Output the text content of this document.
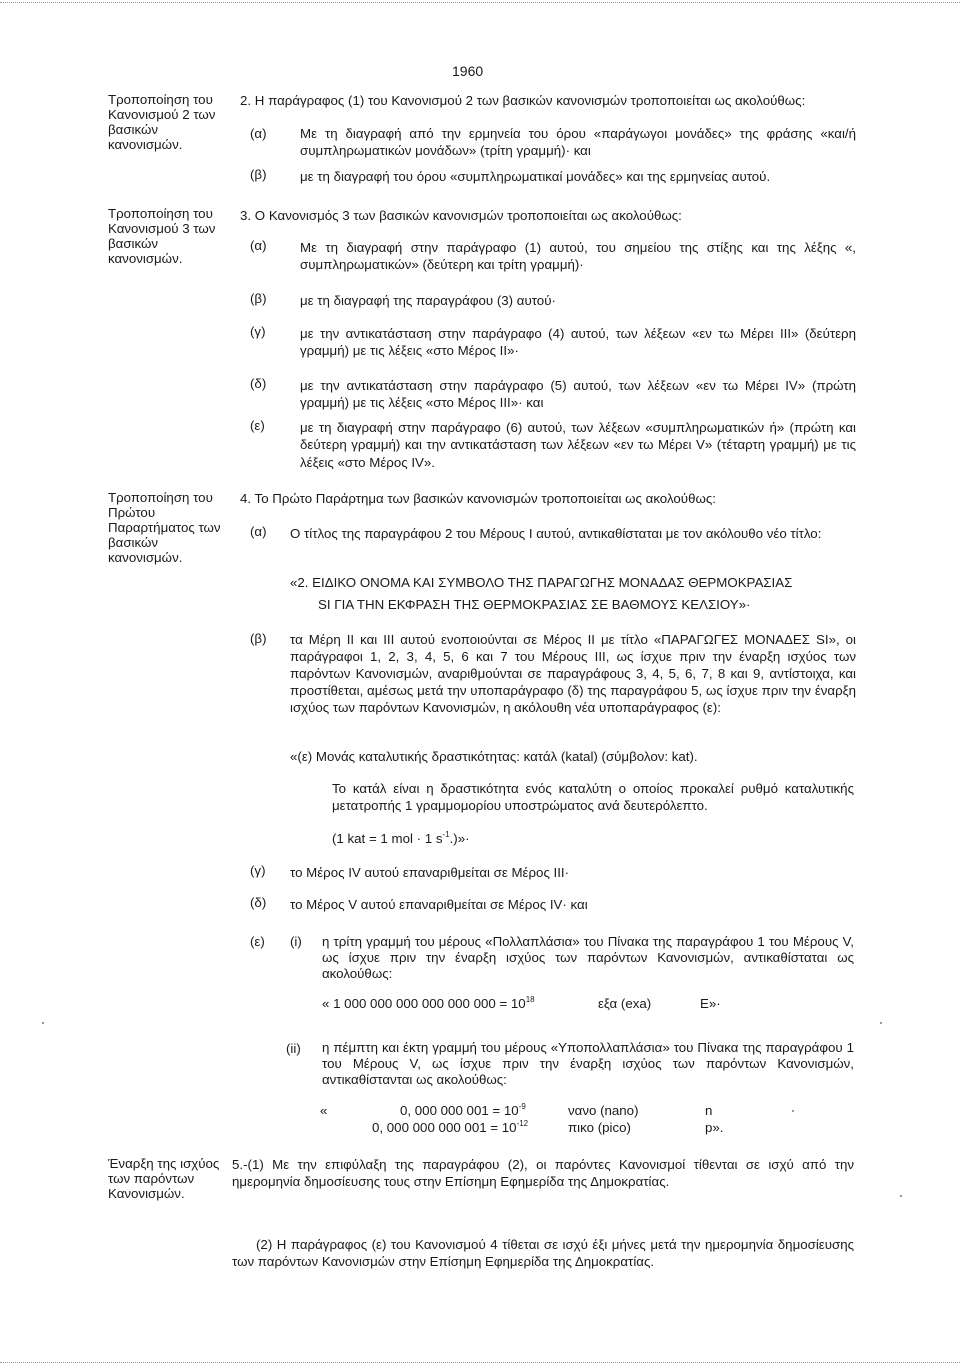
1960
Τροποποίηση του Κανονισμού 2 των βασικών κανονισμών.
Τροποποίηση του Κανονισμού 3 των βασικών κανονισμών.
Τροποποίηση του Πρώτου Παραρτήματος των βασικών κανονισμών.
Έναρξη της ισχύος των παρόντων Κανονισμών.
2. Η παράγραφος (1) του Κανονισμού 2 των βασικών κανονισμών τροποποιείται ως ακολούθως:
(α)	Με τη διαγραφή από την ερμηνεία του όρου «παράγωγοι μονάδες» της φράσης «και/ή συμπληρωματικών μονάδων» (τρίτη γραμμή)· και
(β)	με τη διαγραφή του όρου «συμπληρωματικαί μονάδες» και της ερμηνείας αυτού.
3. Ο Κανονισμός 3 των βασικών κανονισμών τροποποιείται ως ακολούθως:
(α)	Με τη διαγραφή στην παράγραφο (1) αυτού, του σημείου της στίξης και της λέξης «, συμπληρωματικών» (δεύτερη και τρίτη γραμμή)·
(β)	με τη διαγραφή της παραγράφου (3) αυτού·
(γ)	με την αντικατάσταση στην παράγραφο (4) αυτού, των λέξεων «εν τω Μέρει ΙΙΙ» (δεύτερη γραμμή) με τις λέξεις «στο Μέρος ΙΙ»·
(δ)	με την αντικατάσταση στην παράγραφο (5) αυτού, των λέξεων «εν τω Μέρει IV» (πρώτη γραμμή) με τις λέξεις «στο Μέρος ΙΙΙ»· και
(ε)	με τη διαγραφή στην παράγραφο (6) αυτού, των λέξεων «συμπληρωματικών ή» (πρώτη και δεύτερη γραμμή) και την αντικατάσταση των λέξεων «εν τω Μέρει V» (τέταρτη γραμμή) με τις λέξεις «στο Μέρος IV».
4. Το Πρώτο Παράρτημα των βασικών κανονισμών τροποποιείται ως ακολούθως:
(α) Ο τίτλος της παραγράφου 2 του Μέρους Ι αυτού, αντικαθίσταται με τον ακόλουθο νέο τίτλο:
«2. ΕΙΔΙΚΟ ΟΝΟΜΑ ΚΑΙ ΣΥΜΒΟΛΟ ΤΗΣ ΠΑΡΑΓΩΓΗΣ ΜΟΝΑΔΑΣ ΘΕΡΜΟΚΡΑΣΙΑΣ
SI ΓΙΑ ΤΗΝ ΕΚΦΡΑΣΗ ΤΗΣ ΘΕΡΜΟΚΡΑΣΙΑΣ ΣΕ ΒΑΘΜΟΥΣ ΚΕΛΣΙΟΥ»·
(β) τα Μέρη ΙΙ και ΙΙΙ αυτού ενοποιούνται σε Μέρος ΙΙ με τίτλο «ΠΑΡΑΓΩΓΕΣ ΜΟΝΑΔΕΣ SI», οι παράγραφοι 1, 2, 3, 4, 5, 6 και 7 του Μέρους ΙΙΙ, ως ίσχυε πριν την έναρξη ισχύος των παρόντων Κανονισμών, αναριθμούνται σε παραγράφους 3, 4, 5, 6, 7, 8 και 9, αντίστοιχα, και προστίθεται, αμέσως μετά την υποπαράγραφο (δ) της παραγράφου 5, ως ίσχυε πριν την έναρξη ισχύος των παρόντων Κανονισμών, η ακόλουθη νέα υποπαράγραφος (ε):
«(ε) Μονάς καταλυτικής δραστικότητας: κατάλ (katal) (σύμβολον: kat).
Το κατάλ είναι η δραστικότητα ενός καταλύτη ο οποίος προκαλεί ρυθμό καταλυτικής μετατροπής 1 γραμμομορίου υποστρώματος ανά δευτερόλεπτο.
(1 kat = 1 mol · 1 $s^{-1}.)»\cdot$
(γ) το Μέρος IV αυτού επαναριθμείται σε Μέρος ΙΙΙ·
(δ) το Μέρος V αυτού επαναριθμείται σε Μέρος IV· και
(ε) (i) η τρίτη γραμμή του μέρους «Πολλαπλάσια» του Πίνακα της παραγράφου 1 του Μέρους V, ως ίσχυε πριν την έναρξη ισχύος των παρόντων Κανονισμών, αντικαθίσταται ως ακολούθως:
« 1 000 000 000 000 000 $000 = 10^{18}$	εξα (exa)	E»·
(ii) η πέμπτη και έκτη γραμμή του μέρους «Υποπολλαπλάσια» του Πίνακα της παραγράφου 1 του Μέρους V, ως ίσχυε πριν την έναρξη ισχύος των παρόντων Κανονισμών, αντικαθίστανται ως ακολούθως:
«	0, 000 000 $001 = 10^{-9}$	νανο (nano)	n
0, 000 000 000 $001 = 10^{-12}$	πικο (pico)	p».
5.-(1) Με την επιφύλαξη της παραγράφου (2), οι παρόντες Κανονισμοί τίθενται σε ισχύ από την ημερομηνία δημοσίευσης τους στην Επίσημη Εφημερίδα της Δημοκρατίας.
(2) Η παράγραφος (ε) του Κανονισμού 4 τίθεται σε ισχύ έξι μήνες μετά την ημερομηνία δημοσίευσης των παρόντων Κανονισμών στην Επίσημη Εφημερίδα της Δημοκρατίας.
